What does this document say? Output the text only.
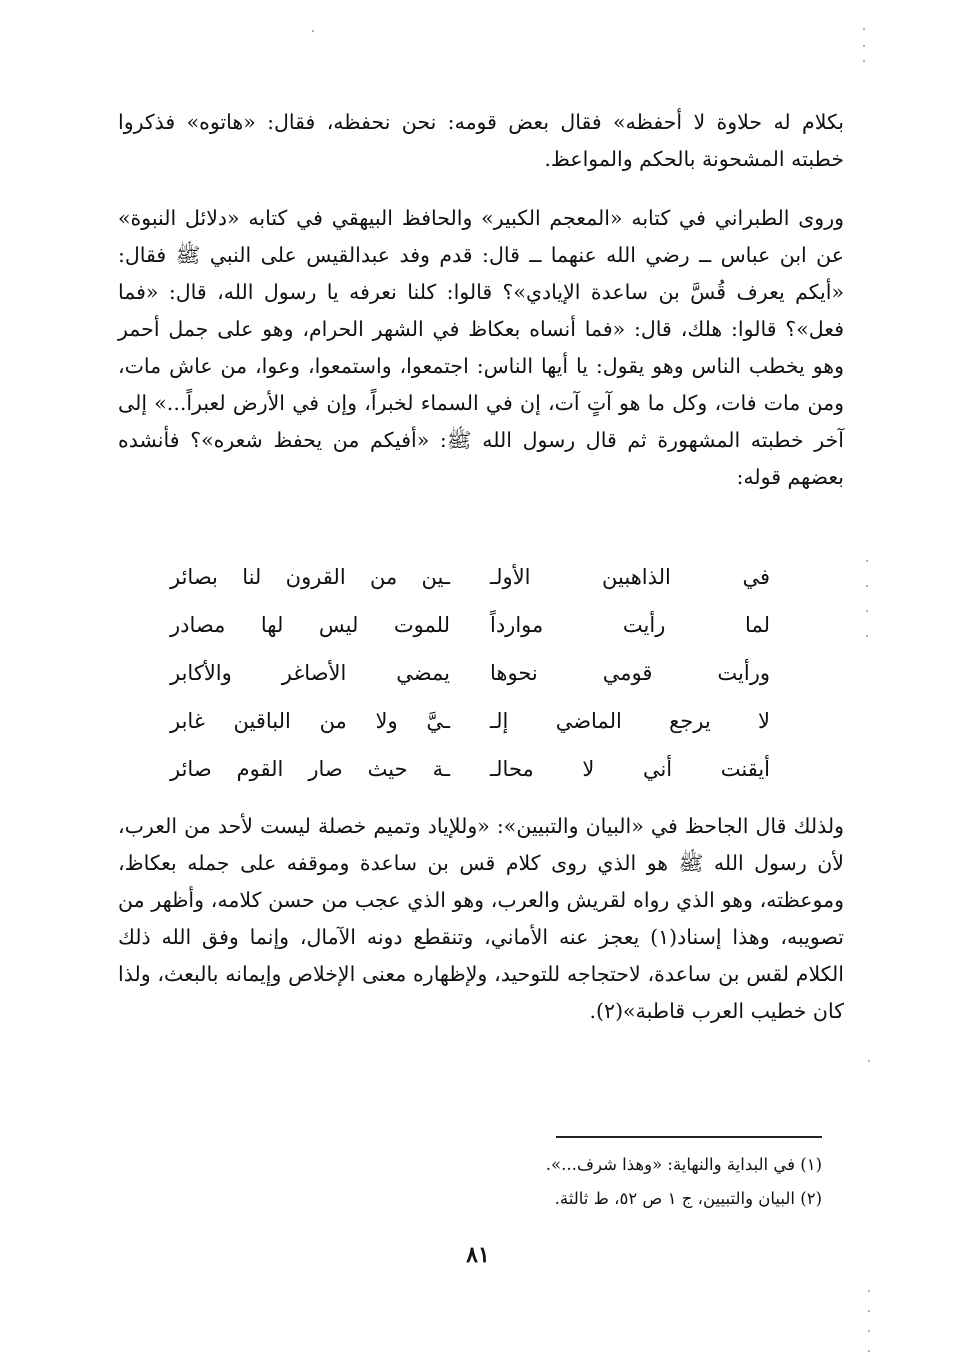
بكلام له حلاوة لا أحفظه» فقال بعض قومه: نحن نحفظه، فقال: «هاتوه» فذكروا خطبته المشحونة بالحكم والمواعظ.

وروى الطبراني في كتابه «المعجم الكبير» والحافظ البيهقي في كتابه «دلائل النبوة» عن ابن عباس ــ رضي الله عنهما ــ قال: قدم وفد عبدالقيس على النبي ﷺ فقال: «أيكم يعرف قُسَّ بن ساعدة الإيادي»؟ قالوا: كلنا نعرفه يا رسول الله، قال: «فما فعل»؟ قالوا: هلك، قال: «فما أنساه بعكاظ في الشهر الحرام، وهو على جمل أحمر وهو يخطب الناس وهو يقول: يا أيها الناس: اجتمعوا، واستمعوا، وعوا، من عاش مات، ومن مات فات، وكل ما هو آتٍ آت، إن في السماء لخبراً، وإن في الأرض لعبراً...» إلى آخر خطبته المشهورة ثم قال رسول الله ﷺ: «أفيكم من يحفظ شعره»؟ فأنشده بعضهم قوله:

في الذاهبين الأولـ
ـين من القرون لنا بصائر
لما رأيت موارداً
للموت ليس لها مصادر
ورأيت قومي نحوها
يمضي الأصاغر والأكابر
لا يرجع الماضي إلـ
ـيَّ ولا من الباقين غابر
أيقنت أني لا محالـ
ـة حيث صار القوم صائر

ولذلك قال الجاحظ في «البيان والتبيين»: «وللإياد وتميم خصلة ليست لأحد من العرب، لأن رسول الله ﷺ هو الذي روى كلام قس بن ساعدة وموقفه على جمله بعكاظ، وموعظته، وهو الذي رواه لقريش والعرب، وهو الذي عجب من حسن كلامه، وأظهر من تصويبه، وهذا إسناد(١) يعجز عنه الأماني، وتنقطع دونه الآمال، وإنما وفق الله ذلك الكلام لقس بن ساعدة، لاحتجاجه للتوحيد، ولإظهاره معنى الإخلاص وإيمانه بالبعث، ولذا كان خطيب العرب قاطبة»(٢).

(١) في البداية والنهاية: «وهذا شرف...».
(٢) البيان والتبيين، ج ١ ص ٥٢، ط ثالثة.
٨١
